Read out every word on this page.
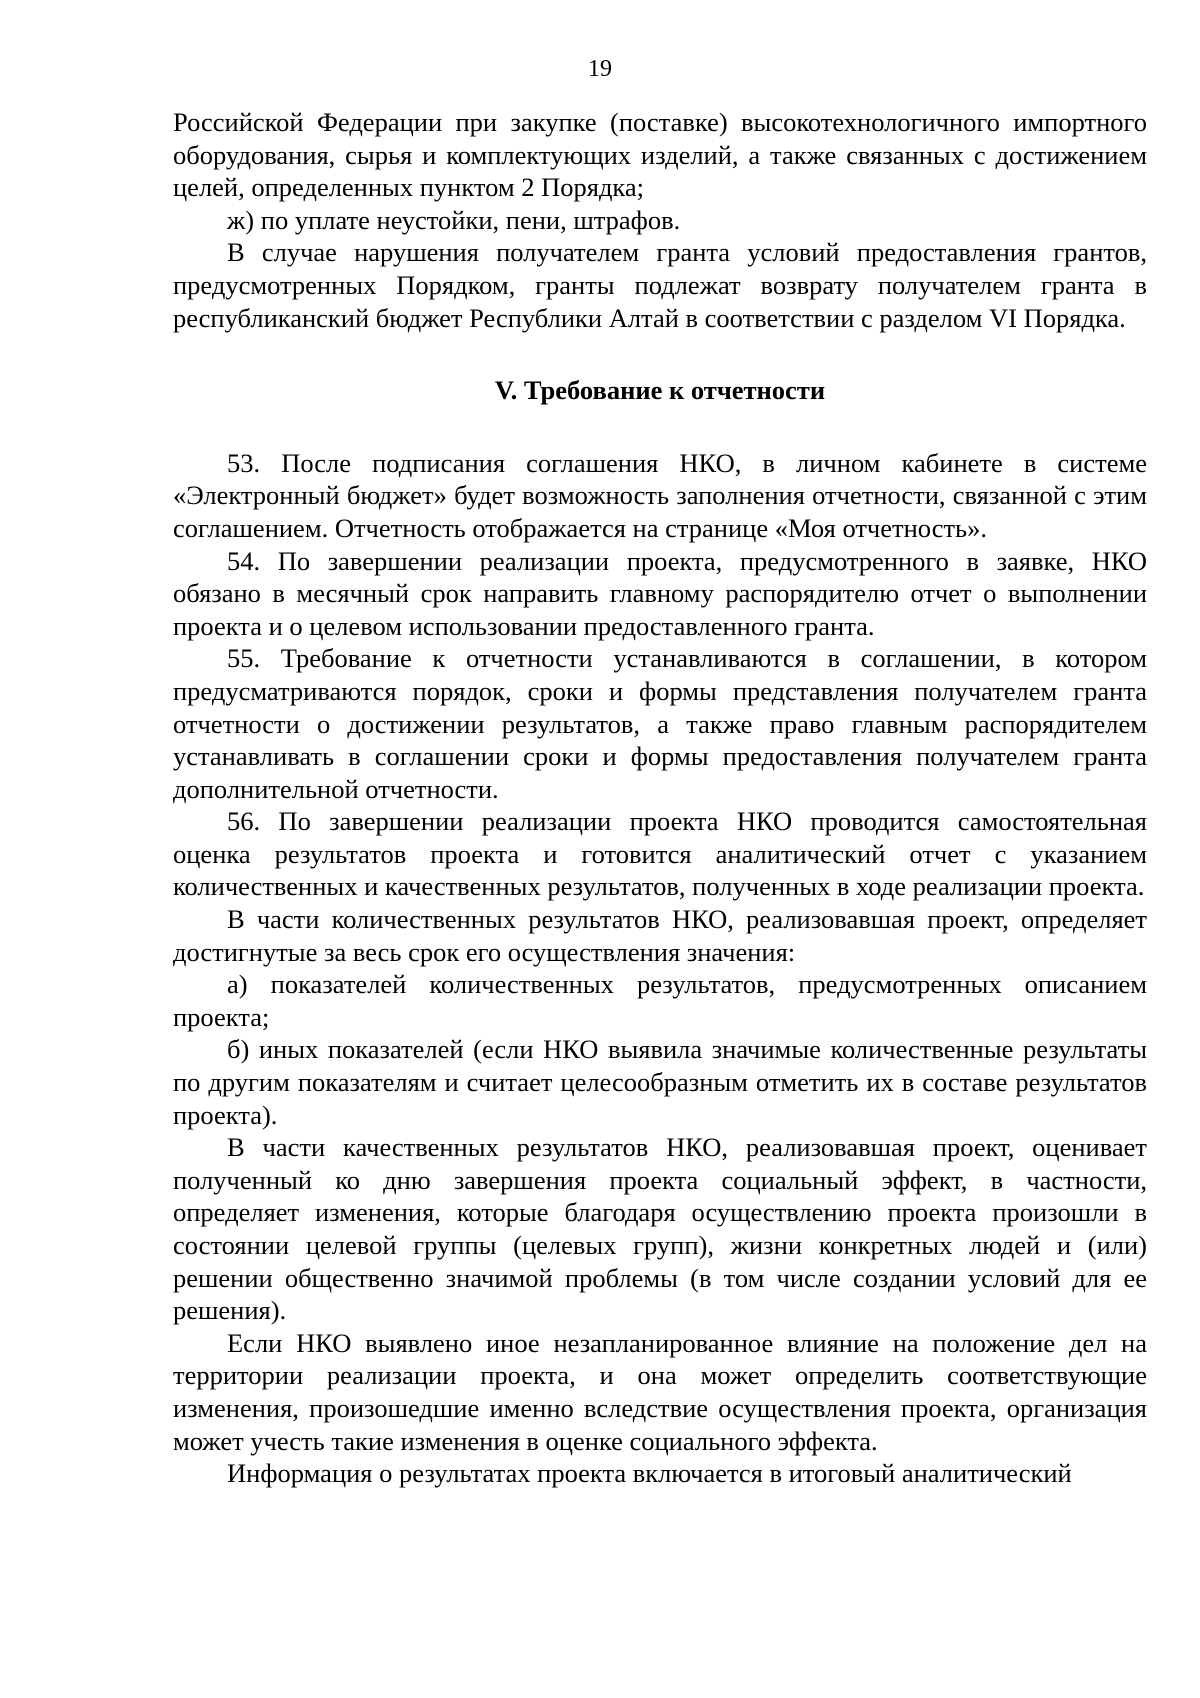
19

Российской Федерации при закупке (поставке) высокотехнологичного импортного оборудования, сырья и комплектующих изделий, а также связанных с достижением целей, определенных пунктом 2 Порядка;

ж) по уплате неустойки, пени, штрафов.

В случае нарушения получателем гранта условий предоставления грантов, предусмотренных Порядком, гранты подлежат возврату получателем гранта в республиканский бюджет Республики Алтай в соответствии с разделом VI Порядка.

V. Требование к отчетности

53. После подписания соглашения НКО, в личном кабинете в системе «Электронный бюджет» будет возможность заполнения отчетности, связанной с этим соглашением. Отчетность отображается на странице «Моя отчетность».

54. По завершении реализации проекта, предусмотренного в заявке, НКО обязано в месячный срок направить главному распорядителю отчет о выполнении проекта и о целевом использовании предоставленного гранта.

55. Требование к отчетности устанавливаются в соглашении, в котором предусматриваются порядок, сроки и формы представления получателем гранта отчетности о достижении результатов, а также право главным распорядителем устанавливать в соглашении сроки и формы предоставления получателем гранта дополнительной отчетности.

56. По завершении реализации проекта НКО проводится самостоятельная оценка результатов проекта и готовится аналитический отчет с указанием количественных и качественных результатов, полученных в ходе реализации проекта.

В части количественных результатов НКО, реализовавшая проект, определяет достигнутые за весь срок его осуществления значения:

а) показателей количественных результатов, предусмотренных описанием проекта;

б) иных показателей (если НКО выявила значимые количественные результаты по другим показателям и считает целесообразным отметить их в составе результатов проекта).

В части качественных результатов НКО, реализовавшая проект, оценивает полученный ко дню завершения проекта социальный эффект, в частности, определяет изменения, которые благодаря осуществлению проекта произошли в состоянии целевой группы (целевых групп), жизни конкретных людей и (или) решении общественно значимой проблемы (в том числе создании условий для ее решения).

Если НКО выявлено иное незапланированное влияние на положение дел на территории реализации проекта, и она может определить соответствующие изменения, произошедшие именно вследствие осуществления проекта, организация может учесть такие изменения в оценке социального эффекта.

Информация о результатах проекта включается в итоговый аналитический
